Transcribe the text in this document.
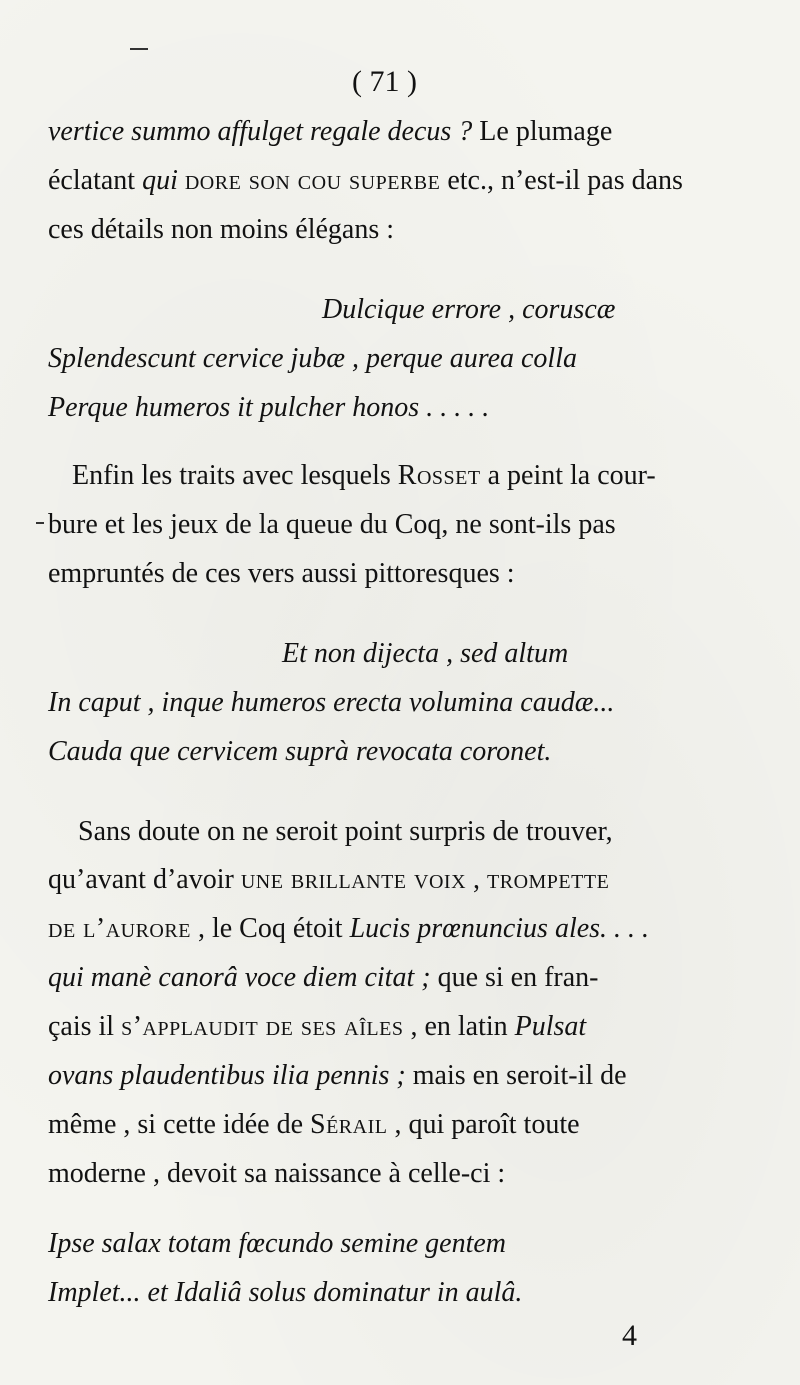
( 71 )
vertice summo affulget regale decus ? Le plumage
éclatant qui dore son cou superbe etc., n’est-il pas dans
ces détails non moins élégans :
Dulcique errore , coruscæ
Splendescunt cervice jubæ , perque aurea colla
Perque humeros it pulcher honos . . . . .
Enfin les traits avec lesquels Rosset a peint la cour-
bure et les jeux de la queue du Coq, ne sont-ils pas
empruntés de ces vers aussi pittoresques :
Et non dijecta , sed altum
In caput , inque humeros erecta volumina caudæ...
Cauda que cervicem suprà revocata coronet.
Sans doute on ne seroit point surpris de trouver,
qu’avant d’avoir une brillante voix , trompette
de l’aurore , le Coq étoit Lucis prœnuncius ales. . . .
qui manè canorâ voce diem citat ; que si en fran-
çais il s’applaudit de ses aîles , en latin Pulsat
ovans plaudentibus ilia pennis ; mais en seroit-il de
même , si cette idée de Sérail , qui paroît toute
moderne , devoit sa naissance à celle-ci :
Ipse salax totam fœcundo semine gentem
Implet... et Idaliâ solus dominatur in aulâ.
4
